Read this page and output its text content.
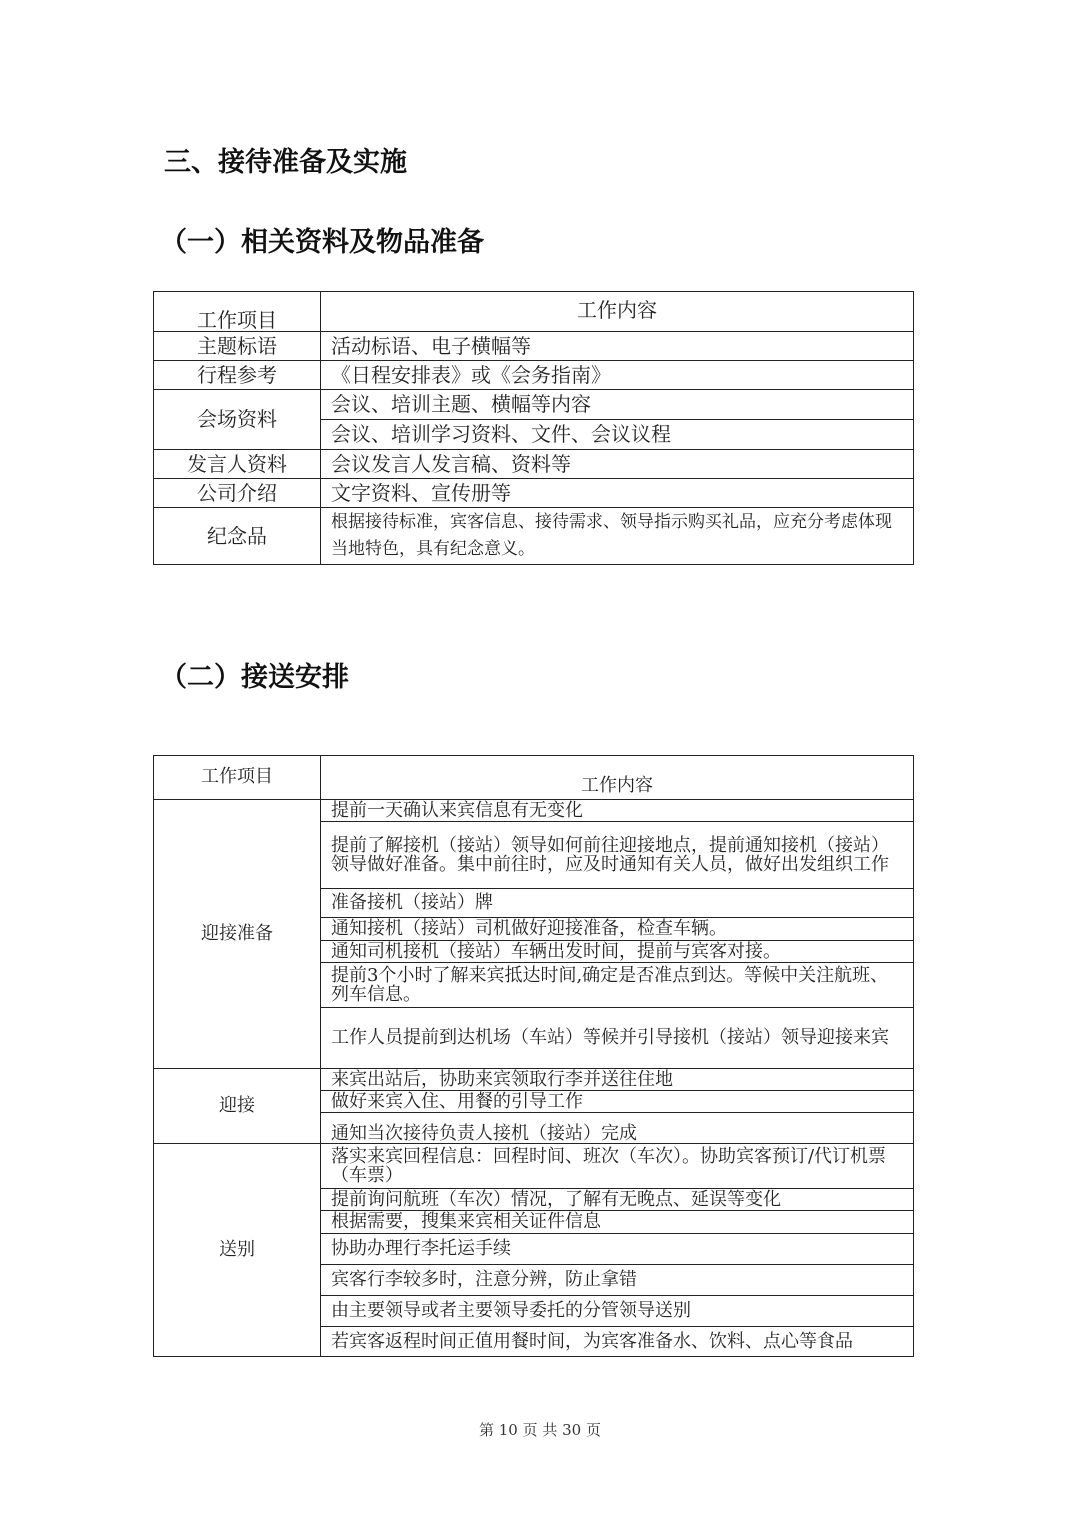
三、接待准备及实施
（一）相关资料及物品准备
工作项目	工作内容
主题标语	活动标语、电子横幅等
行程参考	《日程安排表》或《会务指南》
会场资料	会议、培训主题、横幅等内容
	会议、培训学习资料、文件、会议议程
发言人资料	会议发言人发言稿、资料等
公司介绍	文字资料、宣传册等
纪念品	根据接待标准，宾客信息、接待需求、领导指示购买礼品，应充分考虑体现当地特色，具有纪念意义。
（二）接送安排
工作项目	工作内容
迎接准备	提前一天确认来宾信息有无变化
	提前了解接机（接站）领导如何前往迎接地点，提前通知接机（接站）领导做好准备。集中前往时，应及时通知有关人员，做好出发组织工作
	准备接机（接站）牌
	通知接机（接站）司机做好迎接准备，检查车辆。
	通知司机接机（接站）车辆出发时间，提前与宾客对接。
	提前3个小时了解来宾抵达时间,确定是否准点到达。等候中关注航班、列车信息。
	工作人员提前到达机场（车站）等候并引导接机（接站）领导迎接来宾
迎接	来宾出站后，协助来宾领取行李并送往住地
	做好来宾入住、用餐的引导工作
	通知当次接待负责人接机（接站）完成
送别	落实来宾回程信息：回程时间、班次（车次）。协助宾客预订/代订机票（车票）
	提前询问航班（车次）情况，了解有无晚点、延误等变化
	根据需要，搜集来宾相关证件信息
	协助办理行李托运手续
	宾客行李较多时，注意分辨，防止拿错
	由主要领导或者主要领导委托的分管领导送别
	若宾客返程时间正值用餐时间，为宾客准备水、饮料、点心等食品
第 10 页 共 30 页
